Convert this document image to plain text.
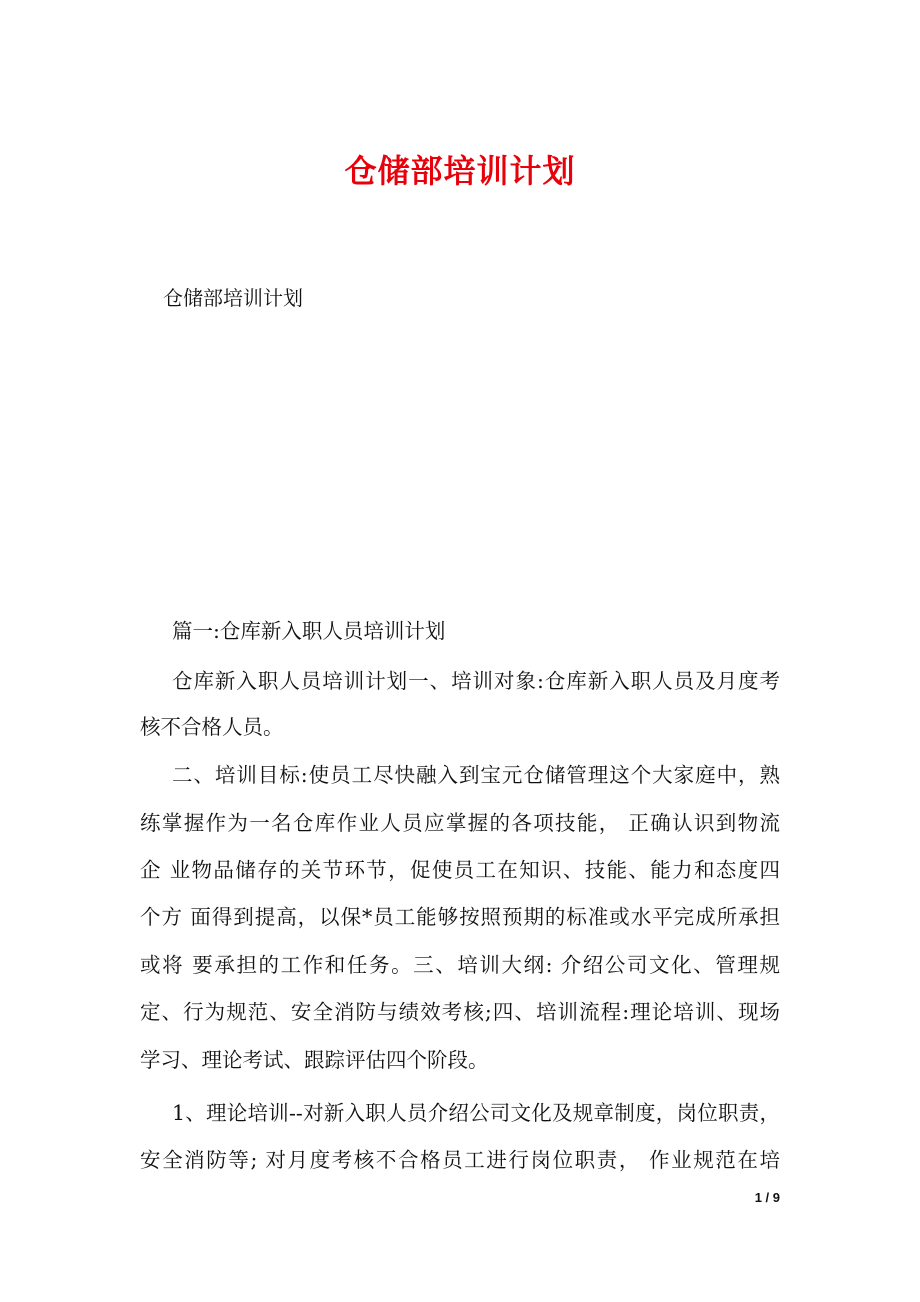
仓储部培训计划
仓储部培训计划
篇一:仓库新入职人员培训计划
仓库新入职人员培训计划一、培训对象:仓库新入职人员及月度考
核不合格人员。
二、培训目标:使员工尽快融入到宝元仓储管理这个大家庭中，熟
练掌握作为一名仓库作业人员应掌握的各项技能， 正确认识到物流
企 业物品储存的关节环节，促使员工在知识、技能、能力和态度四
个方 面得到提高，以保*员工能够按照预期的标准或水平完成所承担
或将 要承担的工作和任务。三、培训大纲: 介绍公司文化、管理规
定、行为规范、安全消防与绩效考核;四、培训流程:理论培训、现场
学习、理论考试、跟踪评估四个阶段。
1、理论培训--对新入职人员介绍公司文化及规章制度，岗位职责，
安全消防等; 对月度考核不合格员工进行岗位职责， 作业规范在培
1 / 9
